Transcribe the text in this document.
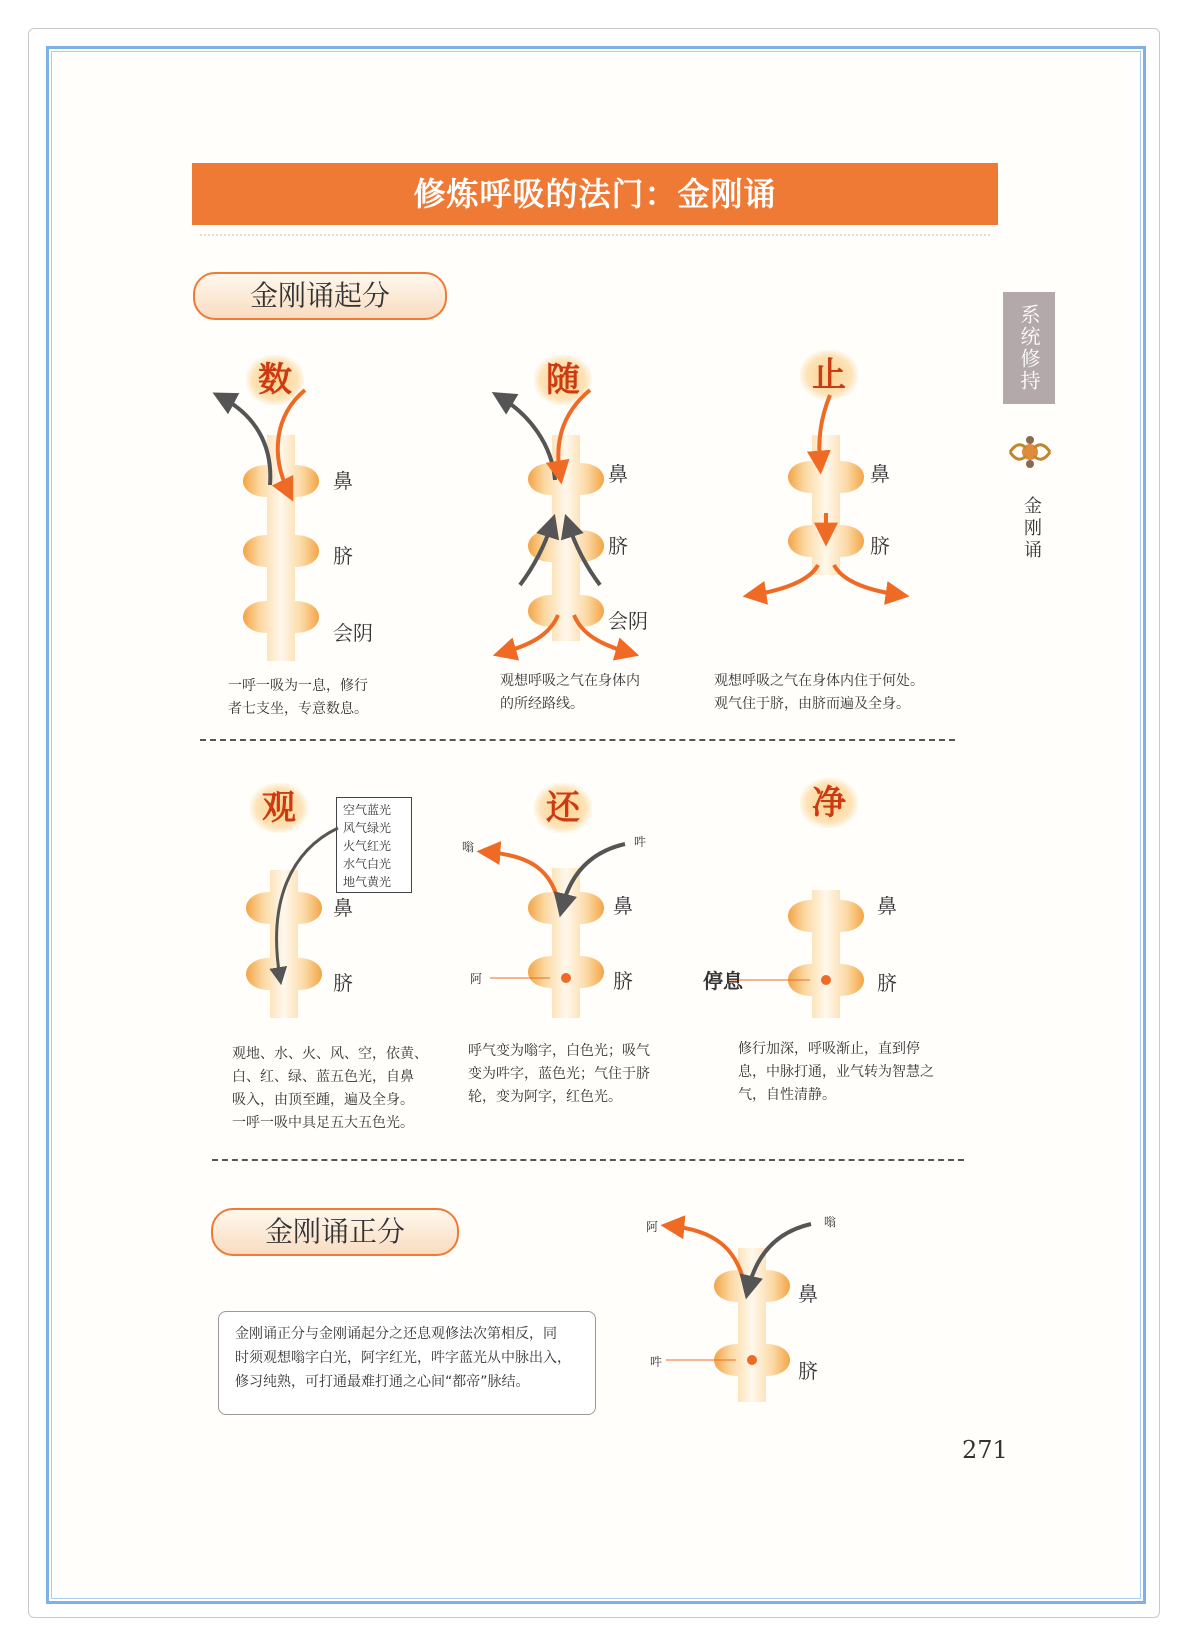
修炼呼吸的法门：金刚诵
金刚诵起分
系统修持
金刚诵
数	随	止
鼻
脐
会阴
鼻
脐
会阴
鼻
脐
一呼一吸为一息，修行
者七支坐，专意数息。
观想呼吸之气在身体内
的所经路线。
观想呼吸之气在身体内住于何处。
观气住于脐，由脐而遍及全身。
观	还	净
空气蓝光
风气绿光
火气红光
水气白光
地气黄光
鼻
脐
嗡	吽
阿
鼻
脐
鼻
脐
停息
观地、水、火、风、空，依黄、
白、红、绿、蓝五色光，自鼻
吸入，由顶至踵，遍及全身。
一呼一吸中具足五大五色光。
呼气变为嗡字，白色光；吸气
变为吽字，蓝色光；气住于脐
轮，变为阿字，红色光。
修行加深，呼吸渐止，直到停
息，中脉打通，业气转为智慧之
气，自性清静。
金刚诵正分
金刚诵正分与金刚诵起分之还息观修法次第相反，同
时须观想嗡字白光，阿字红光，吽字蓝光从中脉出入，
修习纯熟，可打通最难打通之心间“都帝”脉结。
阿	嗡
吽
鼻
脐
271
